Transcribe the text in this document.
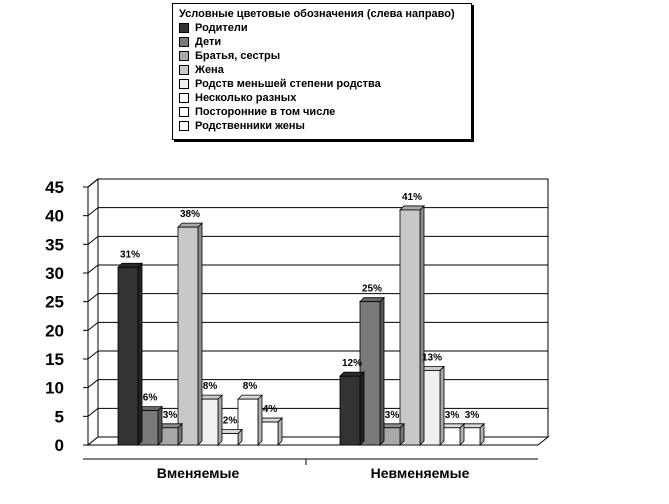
Условные цветовые обозначения (слева направо)
Родители
Дети
Братья, сестры
Жена
Родств меньшей степени родства
Несколько разных
Посторонние в том числе
Родственники жены
0
5
10
15
20
25
30
35
40
45
Вменяемые	Невменяемые
31%
6%
3%
38%
8%
2%
8%
4%
12%
25%
3%
41%
13%
3% 3%
